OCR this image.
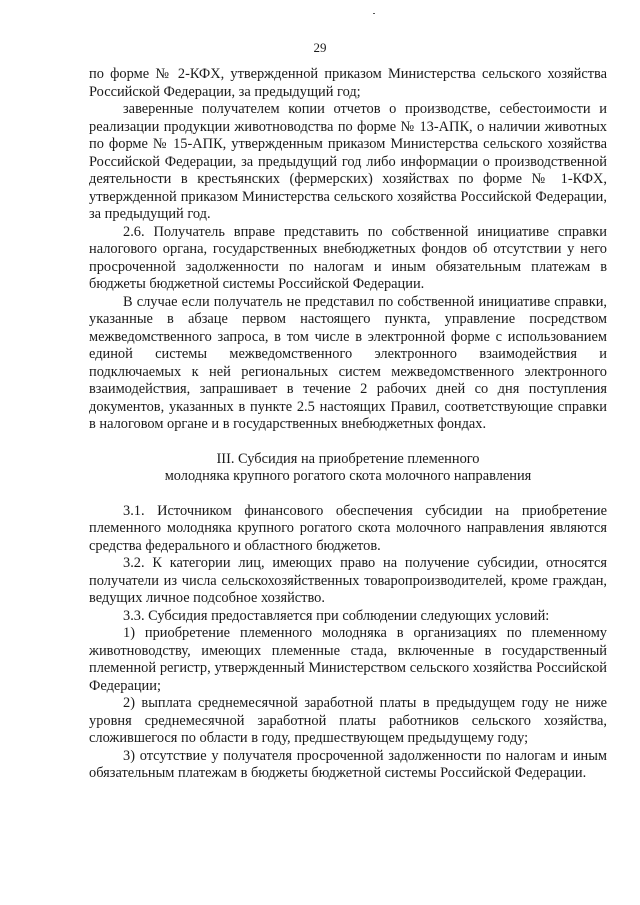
29

по форме № 2-КФХ, утвержденной приказом Министерства сельского хозяйства Российской Федерации, за предыдущий год;

заверенные получателем копии отчетов о производстве, себестоимости и реализации продукции животноводства по форме № 13-АПК, о наличии животных по форме № 15-АПК, утвержденным приказом Министерства сельского хозяйства Российской Федерации, за предыдущий год либо информации о производственной деятельности в крестьянских (фермерских) хозяйствах по форме № 1-КФХ, утвержденной приказом Министерства сельского хозяйства Российской Федерации, за предыдущий год.

2.6. Получатель вправе представить по собственной инициативе справки налогового органа, государственных внебюджетных фондов об отсутствии у него просроченной задолженности по налогам и иным обязательным платежам в бюджеты бюджетной системы Российской Федерации.

В случае если получатель не представил по собственной инициативе справки, указанные в абзаце первом настоящего пункта, управление посредством межведомственного запроса, в том числе в электронной форме с использованием единой системы межведомственного электронного взаимодействия и подключаемых к ней региональных систем межведомственного электронного взаимодействия, запрашивает в течение 2 рабочих дней со дня поступления документов, указанных в пункте 2.5 настоящих Правил, соответствующие справки в налоговом органе и в государственных внебюджетных фондах.

III. Субсидия на приобретение племенного
молодняка крупного рогатого скота молочного направления

3.1. Источником финансового обеспечения субсидии на приобретение племенного молодняка крупного рогатого скота молочного направления являются средства федерального и областного бюджетов.

3.2. К категории лиц, имеющих право на получение субсидии, относятся получатели из числа сельскохозяйственных товаропроизводителей, кроме граждан, ведущих личное подсобное хозяйство.

3.3. Субсидия предоставляется при соблюдении следующих условий:

1) приобретение племенного молодняка в организациях по племенному животноводству, имеющих племенные стада, включенные в государственный племенной регистр, утвержденный Министерством сельского хозяйства Российской Федерации;

2) выплата среднемесячной заработной платы в предыдущем году не ниже уровня среднемесячной заработной платы работников сельского хозяйства, сложившегося по области в году, предшествующем предыдущему году;

3) отсутствие у получателя просроченной задолженности по налогам и иным обязательным платежам в бюджеты бюджетной системы Российской Федерации.
